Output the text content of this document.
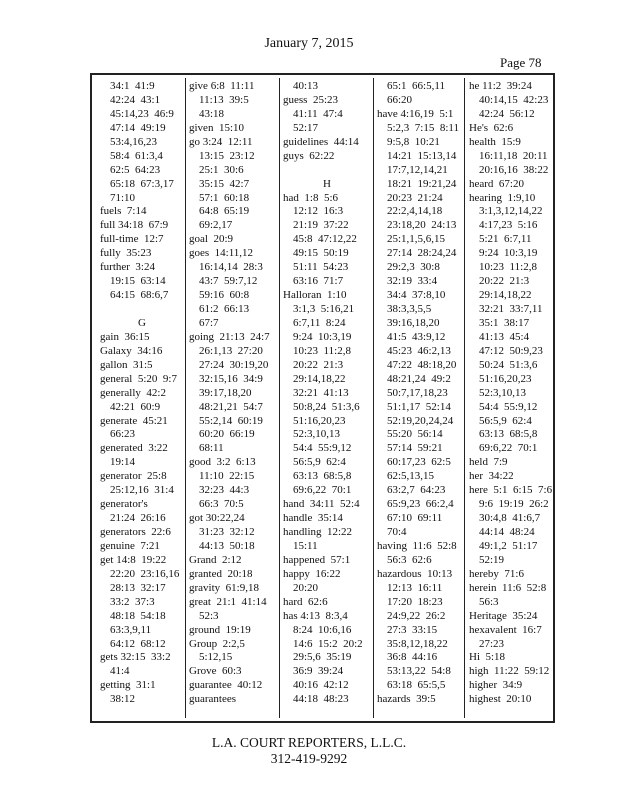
January 7, 2015
Page 78
34:1  41:9
42:24  43:1
45:14,23  46:9
47:14  49:19
53:4,16,23
58:4  61:3,4
62:5  64:23
65:18  67:3,17
71:10
fuels  7:14
full 34:18  67:9
full-time  12:7
fully  35:23
further  3:24
19:15  63:14
64:15  68:6,7
G
gain  36:15
Galaxy  34:16
gallon  31:5
general  5:20  9:7
generally  42:2
42:21  60:9
generate  45:21
66:23
generated  3:22
19:14
generator  25:8
25:12,16  31:4
generator's
21:24  26:16
generators  22:6
genuine  7:21
get 14:8  19:22
22:20  23:16,16
28:13  32:17
33:2  37:3
48:18  54:18
63:3,9,11
64:12  68:12
gets 32:15  33:2
41:4
getting  31:1
38:12
give 6:8  11:11
11:13  39:5
43:18
given  15:10
go 3:24  12:11
13:15  23:12
25:1  30:6
35:15  42:7
57:1  60:18
64:8  65:19
69:2,17
goal  20:9
goes  14:11,12
16:14,14  28:3
43:7  59:7,12
59:16  60:8
61:2  66:13
67:7
going  21:13  24:7
26:1,13  27:20
27:24  30:19,20
32:15,16  34:9
39:17,18,20
48:21,21  54:7
55:2,14  60:19
60:20  66:19
68:11
good  3:2  6:13
11:10  22:15
32:23  44:3
66:3  70:5
got 30:22,24
31:23  32:12
44:13  50:18
Grand  2:12
granted  20:18
gravity  61:9,18
great  21:1  41:14
52:3
ground  19:19
Group  2:2,5
5:12,15
Grove  60:3
guarantee  40:12
guarantees
40:13
guess  25:23
41:11  47:4
52:17
guidelines  44:14
guys  62:22
H
had  1:8  5:6
12:12  16:3
21:19  37:22
45:8  47:12,22
49:15  50:19
51:11  54:23
63:16  71:7
Halloran  1:10
3:1,3  5:16,21
6:7,11  8:24
9:24  10:3,19
10:23  11:2,8
20:22  21:3
29:14,18,22
32:21  41:13
50:8,24  51:3,6
51:16,20,23
52:3,10,13
54:4  55:9,12
56:5,9  62:4
63:13  68:5,8
69:6,22  70:1
hand  34:11  52:4
handle  35:14
handling  12:22
15:11
happened  57:1
happy  16:22
20:20
hard  62:6
has 4:13  8:3,4
8:24  10:6,16
14:6  15:2  20:2
29:5,6  35:19
36:9  39:24
40:16  42:12
44:18  48:23
65:1  66:5,11
66:20
have 4:16,19  5:1
5:2,3  7:15  8:11
9:5,8  10:21
14:21  15:13,14
17:7,12,14,21
18:21  19:21,24
20:23  21:24
22:2,4,14,18
23:18,20  24:13
25:1,1,5,6,15
27:14  28:24,24
29:2,3  30:8
32:19  33:4
34:4  37:8,10
38:3,3,5,5
39:16,18,20
41:5  43:9,12
45:23  46:2,13
47:22  48:18,20
48:21,24  49:2
50:7,17,18,23
51:1,17  52:14
52:19,20,24,24
55:20  56:14
57:14  59:21
60:17,23  62:5
62:5,13,15
63:2,7  64:23
65:9,23  66:2,4
67:10  69:11
70:4
having  11:6  52:8
56:3  62:6
hazardous  10:13
12:13  16:11
17:20  18:23
24:9,22  26:2
27:3  33:15
35:8,12,18,22
36:8  44:16
53:13,22  54:8
63:18  65:5,5
hazards  39:5
he 11:2  39:24
40:14,15  42:23
42:24  56:12
He's  62:6
health  15:9
16:11,18  20:11
20:16,16  38:22
heard  67:20
hearing  1:9,10
3:1,3,12,14,22
4:17,23  5:16
5:21  6:7,11
9:24  10:3,19
10:23  11:2,8
20:22  21:3
29:14,18,22
32:21  33:7,11
35:1  38:17
41:13  45:4
47:12  50:9,23
50:24  51:3,6
51:16,20,23
52:3,10,13
54:4  55:9,12
56:5,9  62:4
63:13  68:5,8
69:6,22  70:1
held  7:9
her  34:22
here  5:1  6:15  7:6
9:6  19:19  26:2
30:4,8  41:6,7
44:14  48:24
49:1,2  51:17
52:19
hereby  71:6
herein  11:6  52:8
56:3
Heritage  35:24
hexavalent  16:7
27:23
Hi  5:18
high  11:22  59:12
higher  34:9
highest  20:10
L.A. COURT REPORTERS, L.L.C.
312-419-9292
